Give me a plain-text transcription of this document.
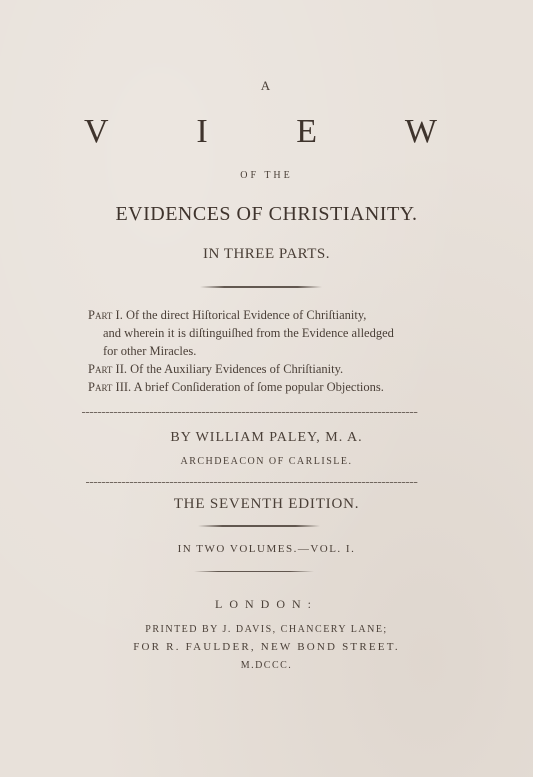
A
V I E W
OF THE
EVIDENCES OF CHRISTIANITY.
IN THREE PARTS.
Part I. Of the direct Hiſtorical Evidence of Chriſtianity,
and wherein it is diſtinguiſhed from the Evidence alledged
for other Miracles.
Part II. Of the Auxiliary Evidences of Chriſtianity.
Part III. A brief Conſideration of ſome popular Objections.
BY WILLIAM PALEY, M. A.
ARCHDEACON OF CARLISLE.
THE SEVENTH EDITION.
IN TWO VOLUMES.—VOL. I.
LONDON:
PRINTED BY J. DAVIS, CHANCERY LANE;
FOR R. FAULDER, NEW BOND STREET.
M.DCCC.
